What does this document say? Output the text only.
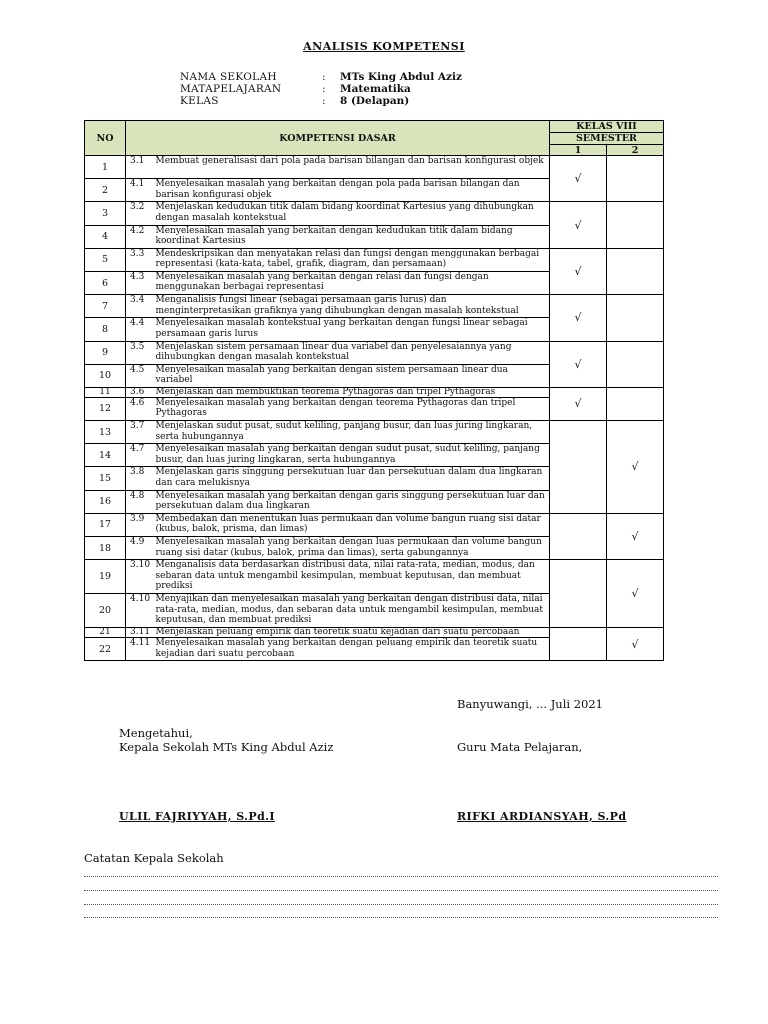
ANALISIS KOMPETENSI
NAMA SEKOLAH	: MTs King Abdul Aziz
MATAPELAJARAN	: Matematika
KELAS	: 8 (Delapan)
NO	KOMPETENSI DASAR		KELAS VIII	
			SEMESTER	
			1	2
1	3.1	Membuat generalisasi dari pola pada barisan bilangan dan barisan konfigurasi objek	√	
2	4.1	Menyelesaikan masalah yang berkaitan dengan pola pada barisan bilangan dan barisan konfigurasi objek		
3	3.2	Menjelaskan kedudukan titik dalam bidang koordinat Kartesius yang dihubungkan dengan masalah kontekstual	√	
4	4.2	Menyelesaikan masalah yang berkaitan dengan kedudukan titik dalam bidang koordinat Kartesius		
5	3.3	Mendeskripsikan dan menyatakan relasi dan fungsi dengan menggunakan berbagai representasi (kata-kata, tabel, grafik, diagram, dan persamaan)	√	
6	4.3	Menyelesaikan masalah yang berkaitan dengan relasi dan fungsi dengan menggunakan berbagai representasi		
7	3.4	Menganalisis fungsi linear (sebagai persamaan garis lurus) dan menginterpretasikan grafiknya yang dihubungkan dengan masalah kontekstual	√	
8	4.4	Menyelesaikan masalah kontekstual yang berkaitan dengan fungsi linear sebagai persamaan garis lurus		
9	3.5	Menjelaskan sistem persamaan linear dua variabel dan penyelesaiannya yang dihubungkan dengan masalah kontekstual	√	
10	4.5	Menyelesaikan masalah yang berkaitan dengan sistem persamaan linear dua variabel		
11	3.6	Menjelaskan dan membuktikan teorema Pythagoras dan tripel Pythagoras	√	
12	4.6	Menyelesaikan masalah yang berkaitan dengan teorema Pythagoras dan tripel Pythagoras		
13	3.7	Menjelaskan sudut pusat, sudut keliling, panjang busur, dan luas juring lingkaran, serta hubungannya		√
14	4.7	Menyelesaikan masalah yang berkaitan dengan sudut pusat, sudut keliling, panjang busur, dan luas juring lingkaran, serta hubungannya		
15	3.8	Menjelaskan garis singgung persekutuan luar dan persekutuan dalam dua lingkaran dan cara melukisnya		
16	4.8	Menyelesaikan masalah yang berkaitan dengan garis singgung persekutuan luar dan persekutuan dalam dua lingkaran		
17	3.9	Membedakan dan menentukan luas permukaan dan volume bangun ruang sisi datar (kubus, balok, prisma, dan limas)		√
18	4.9	Menyelesaikan masalah yang berkaitan dengan luas permukaan dan volume bangun ruang sisi datar (kubus, balok, prima dan limas), serta gabungannya		
19	3.10	Menganalisis data berdasarkan distribusi data, nilai rata-rata, median, modus, dan sebaran data untuk mengambil kesimpulan, membuat keputusan, dan membuat prediksi		√
20	4.10	Menyajikan dan menyelesaikan masalah yang berkaitan dengan distribusi data, nilai rata-rata, median, modus, dan sebaran data untuk mengambil kesimpulan, membuat keputusan, dan membuat prediksi		
21	3.11	Menjelaskan peluang empirik dan teoretik suatu kejadian dari suatu percobaan		√
22	4.11	Menyelesaikan masalah yang berkaitan dengan peluang empirik dan teoretik suatu kejadian dari suatu percobaan		
Banyuwangi, ... Juli 2021
Mengetahui,
Kepala Sekolah MTs King Abdul Aziz	Guru Mata Pelajaran,
ULIL FAJRIYYAH, S.Pd.I	RIFKI ARDIANSYAH, S.Pd
Catatan Kepala Sekolah
